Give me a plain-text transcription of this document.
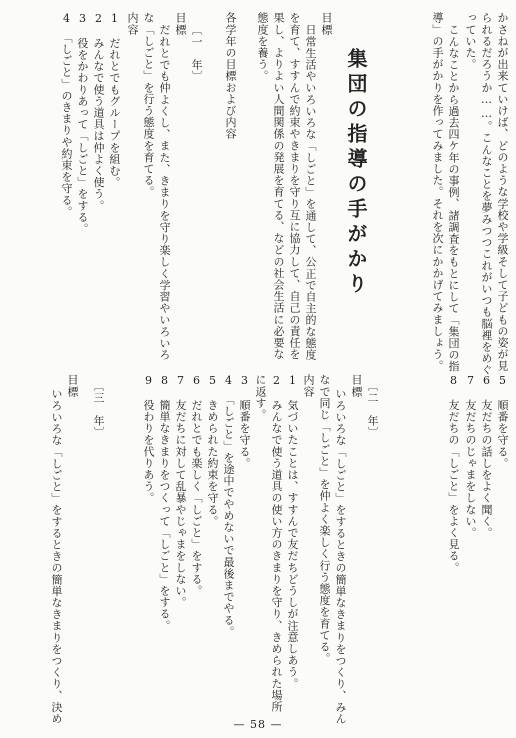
かさねが出来ていけば、どのような学校や学級そして子どもの姿が見
られるだろうか……。こんなことを夢みつつこれがいつも脳裡をめぐ
っていた。
こんなことから過去四ケ年の事例、諸調査をもとにして「集団の指
導」の手がかりを作ってみました。それを次にかかげてみましょう。
集団の指導の手がかり
目標
日常生活やいろいろな「しごと」を通して、公正で自主的な態度
を育て、すすんで約束やきまりを守り互に協力して、自己の責任を
果し、よりよい人間関係の発展を育てる、などの社会生活に必要な
態度を養う。
各学年の目標および内容
〔一　年〕
目標
だれとでも仲よくし、また、きまりを守り楽しく学習やいろいろ
な「しごと」を行う態度を育てる。
内容
1　だれとでもグループを組む。
2　みんなで使う道具は仲よく使う。
3　役をかわりあって「しごと」をする。
4　「しごと」のきまりや約束を守る。
5　順番を守る。
6　友だちの話しをよく聞く。
7　友だちのじゃまをしない。
8　友だちの「しごと」をよく見る。
〔二　年〕
目標
いろいろな「しごと」をするときの簡単なきまりをつくり、みん
なで同じ「しごと」を仲よく楽しく行う態度を育てる。
内容
1　気づいたことは、すすんで友だちどうしが注意しあう。
2　みんなで使う道具の使い方のきまりを守り、きめられた場所
に返す。
3　順番を守る。
4　「しごと」を途中でやめないで最後までやる。
5　きめられた約束を守る。
6　だれとでも楽しく「しごと」をする。
7　友だちに対して乱暴やじゃまをしない。
8　簡単なきまりをつくって「しごと」をする。
9　役わりを代りあう。
〔三　年〕
目標
いろいろな「しごと」をするときの簡単なきまりをつくり、決め
— 58 —
